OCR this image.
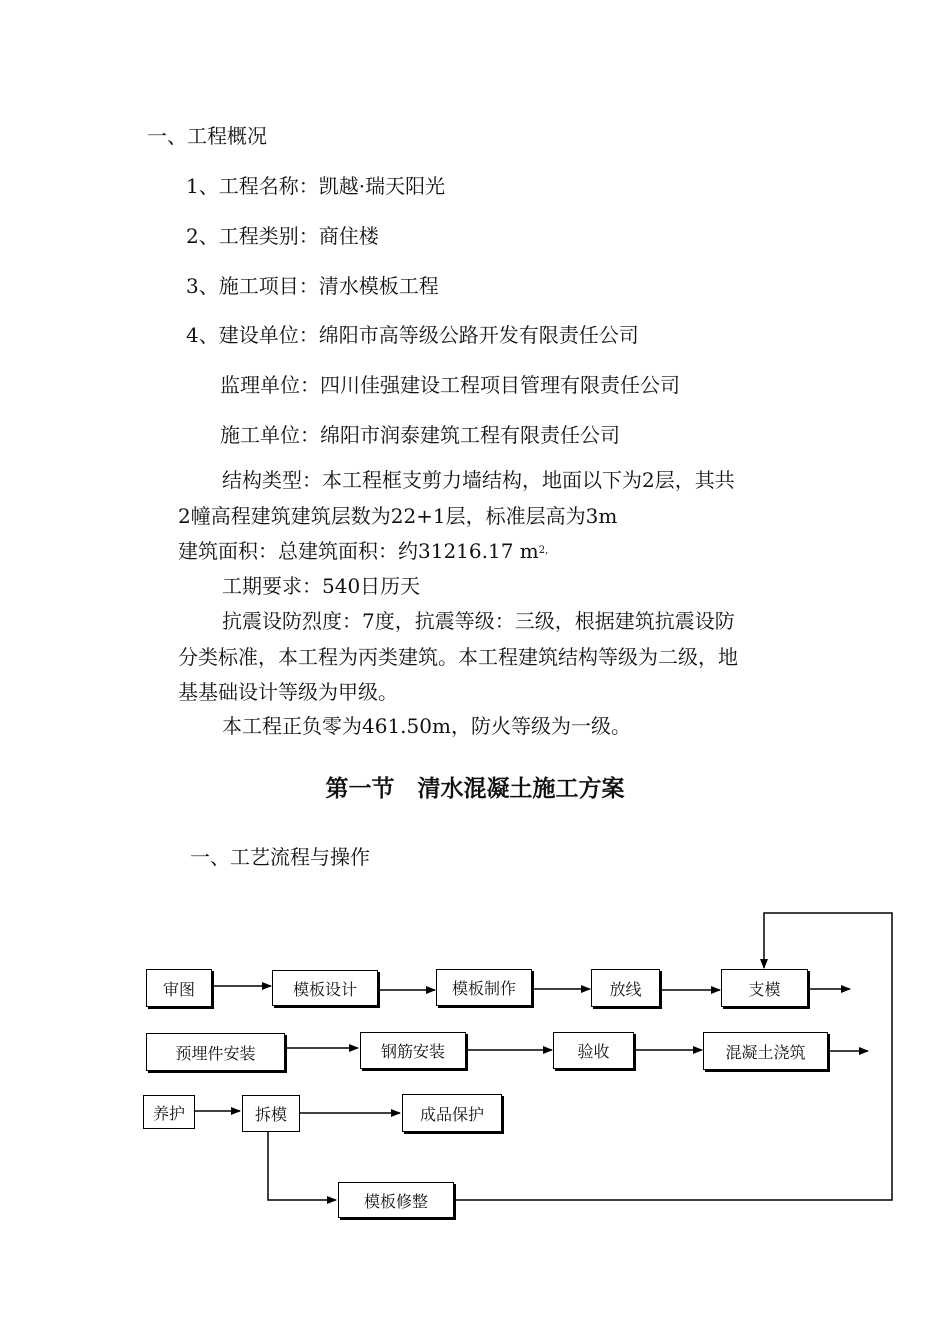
一、工程概况
1、工程名称：凯越·瑞天阳光
2、工程类别：商住楼
3、施工项目：清水模板工程
4、建设单位：绵阳市高等级公路开发有限责任公司
监理单位：四川佳强建设工程项目管理有限责任公司
施工单位：绵阳市润泰建筑工程有限责任公司
结构类型：本工程框支剪力墙结构，地面以下为2层，其共
2幢高程建筑建筑层数为22+1层，标准层高为3m
建筑面积：总建筑面积：约31216.17 $m^{2,}$
工期要求：540日历天
抗震设防烈度：7度，抗震等级：三级，根据建筑抗震设防
分类标准，本工程为丙类建筑。本工程建筑结构等级为二级，地
基基础设计等级为甲级。
本工程正负零为461.50m，防火等级为一级。
第一节　清水混凝土施工方案
一、工艺流程与操作
审图	模板设计	模板制作	放线	支模
预埋件安装	钢筋安装	验收	混凝土浇筑
养护	拆模	成品保护
模板修整
